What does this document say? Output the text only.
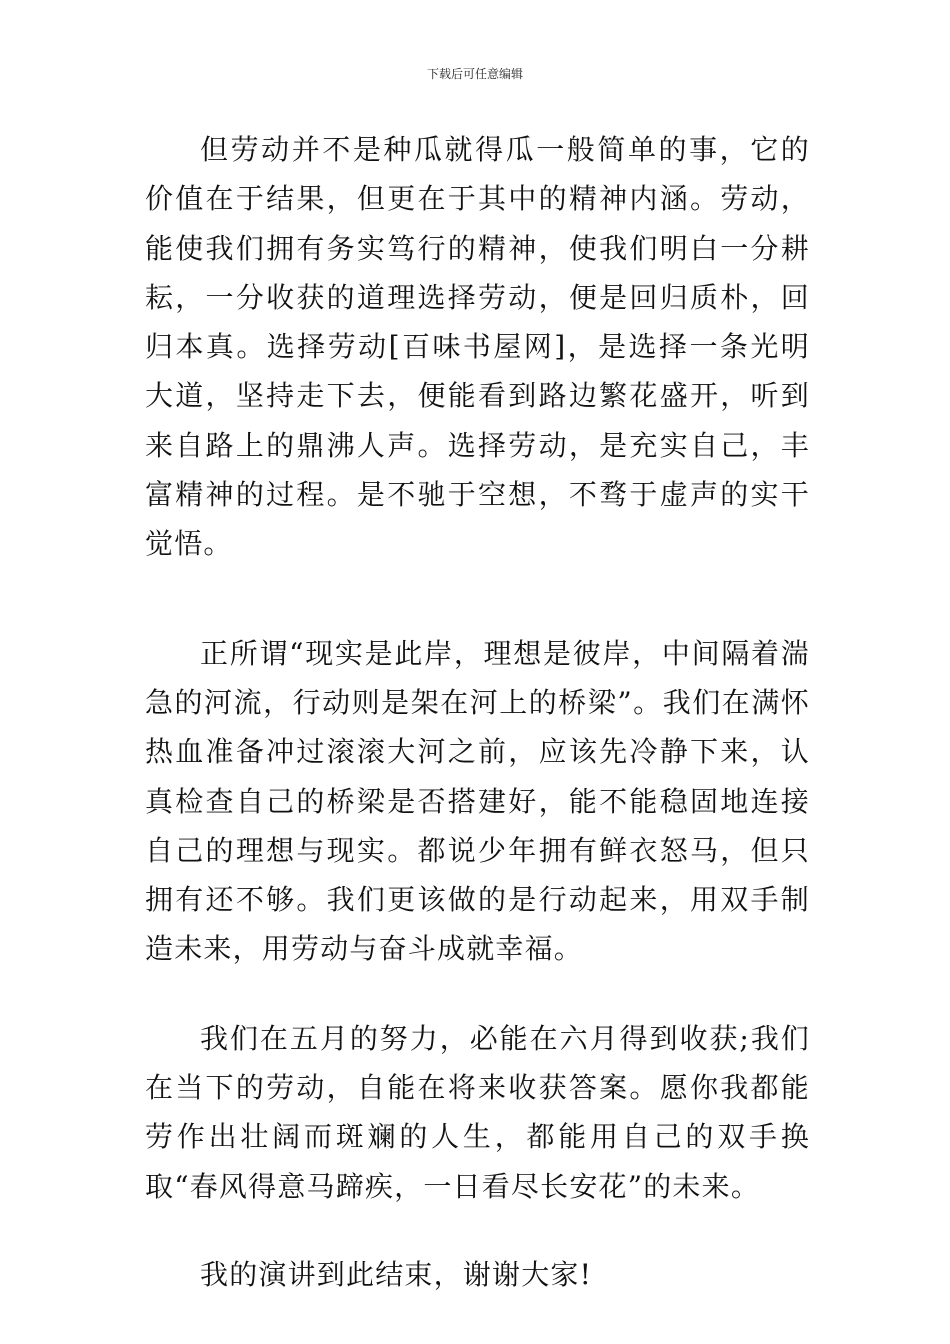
下载后可任意编辑

但劳动并不是种瓜就得瓜一般简单的事，它的价值在于结果，但更在于其中的精神内涵。劳动，能使我们拥有务实笃行的精神，使我们明白一分耕耘，一分收获的道理选择劳动，便是回归质朴，回归本真。选择劳动[百味书屋网]，是选择一条光明大道，坚持走下去，便能看到路边繁花盛开，听到来自路上的鼎沸人声。选择劳动，是充实自己，丰富精神的过程。是不驰于空想，不骛于虚声的实干觉悟。

正所谓“现实是此岸，理想是彼岸，中间隔着湍急的河流，行动则是架在河上的桥梁”。我们在满怀热血准备冲过滚滚大河之前，应该先冷静下来，认真检查自己的桥梁是否搭建好，能不能稳固地连接自己的理想与现实。都说少年拥有鲜衣怒马，但只拥有还不够。我们更该做的是行动起来，用双手制造未来，用劳动与奋斗成就幸福。

我们在五月的努力，必能在六月得到收获;我们在当下的劳动，自能在将来收获答案。愿你我都能劳作出壮阔而斑斓的人生，都能用自己的双手换取“春风得意马蹄疾，一日看尽长安花”的未来。

我的演讲到此结束，谢谢大家!
